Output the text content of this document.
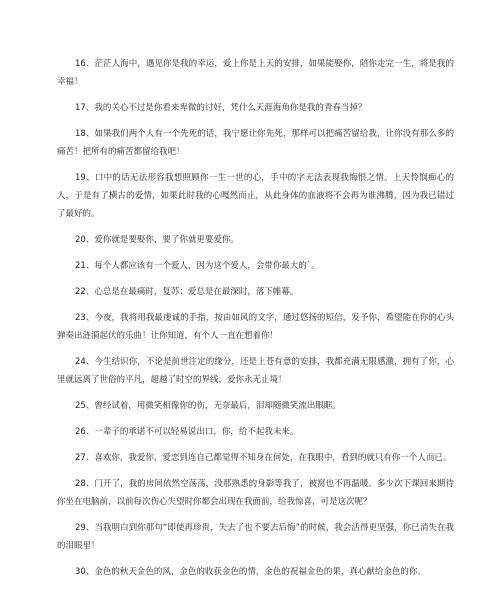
16、茫茫人海中，遇见你是我的幸运，爱上你是上天的安排，如果能娶你，陪你走完一生，将是我的幸福！
17、我的关心不过是你看来卑微的讨好，凭什么天涯海角你是我的青春当掉？
18、如果我们两个人有一个先死的话，我宁愿让你先死，那样可以把痛苦留给我，让你没有那么多的痛苦！把所有的痛苦都留给我吧！
19、口中的话无法形容我想照顾你一生一世的心，手中的字无法表现我悔恨之情。上天怜悯痴心的人，于是有了横古的爱情，如果此时我的心嘎然而止，从此身体的血液将不会再为谁沸腾，因为我已错过了最好的。
20、爱你就是要娶你，要了你就更要爱你。
21、每个人都应该有一个爱人，因为这个爱人，会带你最大的`。
22、心总是在最痛时，复苏；爱总是在最深时，落下帷幕。
23、今夜，我将用我最虔诚的手指，按由如风的文字，通过悠扬的短信，发予你，希望能在你的心头弹奏出涟漪起伏的乐曲！让你知道，有个人一直在想着你！
24、今生结识你，不论是前世注定的缘分，还是上苍有意的安排，我都充满无限感激，拥有了你，心里就远离了世俗的平凡，超越了时空的界线，爱你永无止境！
25、曾经试着，用微笑相像你的伤，无奈最后，泪却随微笑流出眼眶。
26、一辈子的承诺不可以轻易说出口，你，给不起我未来。
27、喜欢你，我爱你，爱恋到连自己都觉得不知身在何处，在我眼中，看到的就只有你一个人而已。
28、门开了，我的房间依然空荡荡，没那熟悉的身影等我了，被窝也不再温暖。多少次下课回来期待你坐在电脑前，以前每次伤心失望时你都会出现在我面前，给我惊喜，可是这次呢？
29、当我明白到你那句“即使再珍贵，失去了也不要去后悔”的时候，我会活得更坚强，你已消失在我的泪眼里！
30、金色的秋天金色的风，金色的收获金色的情，金色的祝福金色的果，真心献给金色的你。
